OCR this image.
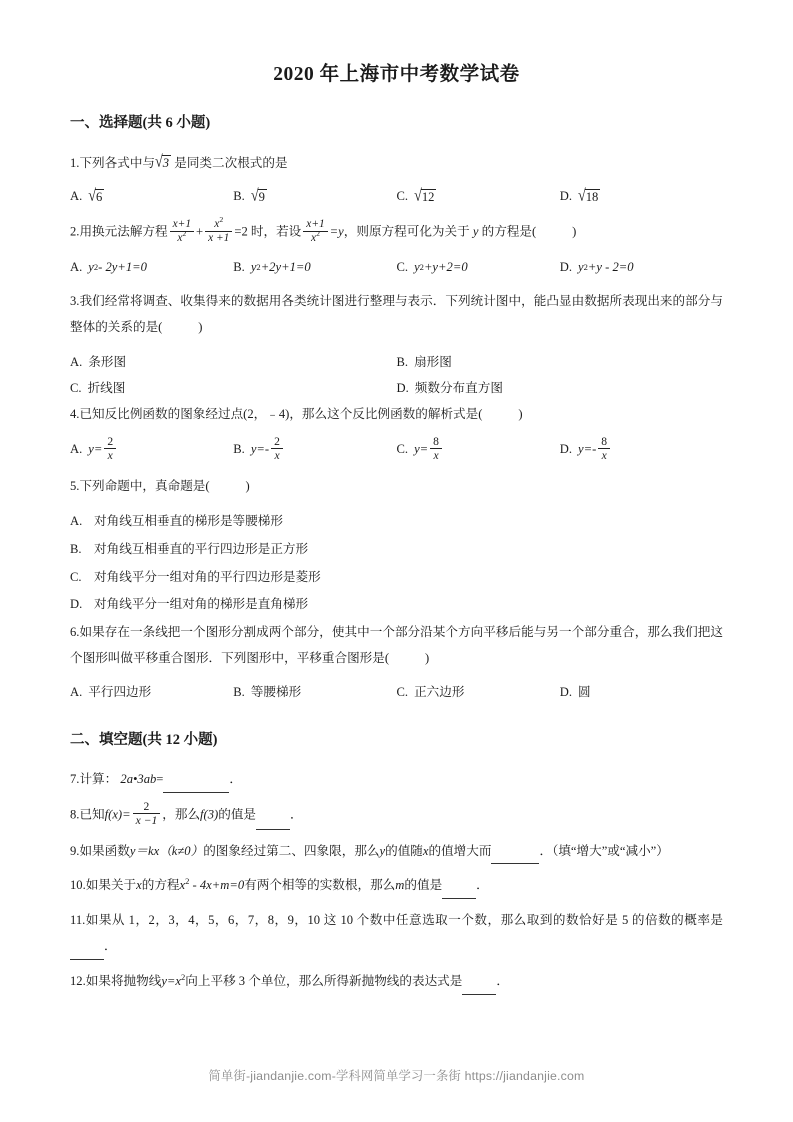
2020 年上海市中考数学试卷
一、选择题(共 6 小题)
1.下列各式中与 √ 3 是同类二次根式的是
A. √ 6	B. √ 9	C. √ 12	D. √ 18
2.用换元法解方程 $\frac{x+1}{x^2} + \frac{x^2}{x +1} =2$ 时，若设 $\frac{x+1}{x^2} =y$，则原方程可化为关于 y 的方程是(	)
A. y 2 - 2y+1=0	B. y 2 +2y+1=0	C. y 2 +y+2=0	D. y 2 +y - 2=0
3.我们经常将调查、收集得来的数据用各类统计图进行整理与表示．下列统计图中，能凸显由数据所表现出来的部分与整体的关系的是(	)
A. 条形图	B. 扇形图
C. 折线图	D. 频数分布直方图
4.已知反比例函数的图象经过点(2，﹣4)，那么这个反比例函数的解析式是(	)
A. $y= \frac{2}{x}$	B. $y= - \frac{2}{x}$	C. $y= \frac{8}{x}$	D. $y= - \frac{8}{x}$
5.下列命题中，真命题是(	)
A. 对角线互相垂直的梯形是等腰梯形
B. 对角线互相垂直的平行四边形是正方形
C. 对角线平分一组对角的平行四边形是菱形
D. 对角线平分一组对角的梯形是直角梯形
6.如果存在一条线把一个图形分割成两个部分，使其中一个部分沿某个方向平移后能与另一个部分重合，那么我们把这个图形叫做平移重合图形．下列图形中，平移重合图形是(	)
A. 平行四边形	B. 等腰梯形	C. 正六边形	D. 圆
二、填空题(共 12 小题)
7.计算： 2a•3ab=	．
8.已知$f(x)= \frac{2}{x -1}$ ，那么f(3)的值是	．
9.如果函数y＝kx（k≠0）的图象经过第二、四象限，那么y的值随x的值增大而	．（填“增大”或“减小”）
10.如果关于x的方程$x^2 - 4x+m=0$有两个相等的实数根，那么m的值是	．
11.如果从 1，2，3，4，5，6，7，8，9，10 这 10 个数中任意选取一个数，那么取到的数恰好是 5 的倍数的概率是．
12.如果将抛物线$y=x^2$向上平移 3 个单位，那么所得新抛物线的表达式是	．
简单街-jiandanjie.com-学科网简单学习一条街 https://jiandanjie.com
